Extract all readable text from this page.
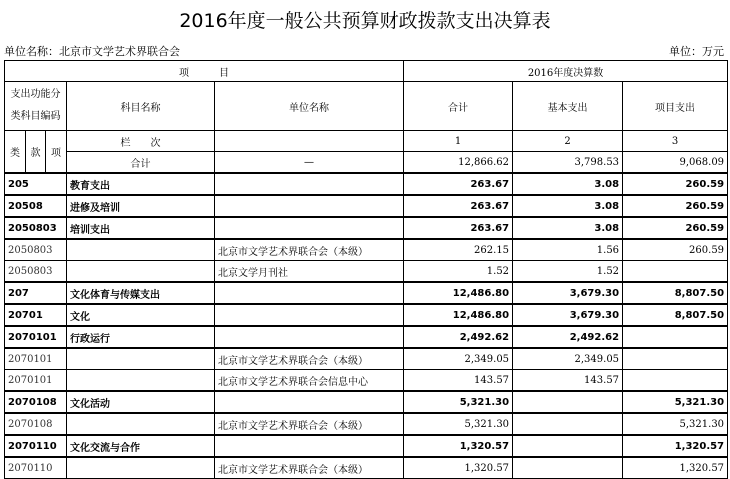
2016年度一般公共预算财政拨款支出决算表
单位名称：北京市文学艺术界联合会	单位：万元
项　　　目					2016年度决算数		
支出功能分类科目编码			科目名称	单位名称	合计	基本支出	项目支出
类	款	项	栏　　次		1	2	3
			合计	—	12,866.62	3,798.53	9,068.09
205			教育支出		263.67	3.08	260.59
20508			进修及培训		263.67	3.08	260.59
2050803			培训支出		263.67	3.08	260.59
2050803				北京市文学艺术界联合会（本级）	262.15	1.56	260.59
2050803				北京文学月刊社	1.52	1.52	
207			文化体育与传媒支出		12,486.80	3,679.30	8,807.50
20701			文化		12,486.80	3,679.30	8,807.50
2070101			行政运行		2,492.62	2,492.62	
2070101				北京市文学艺术界联合会（本级）	2,349.05	2,349.05	
2070101				北京市文学艺术界联合会信息中心	143.57	143.57	
2070108			文化活动		5,321.30		5,321.30
2070108				北京市文学艺术界联合会（本级）	5,321.30		5,321.30
2070110			文化交流与合作		1,320.57		1,320.57
2070110				北京市文学艺术界联合会（本级）	1,320.57		1,320.57
